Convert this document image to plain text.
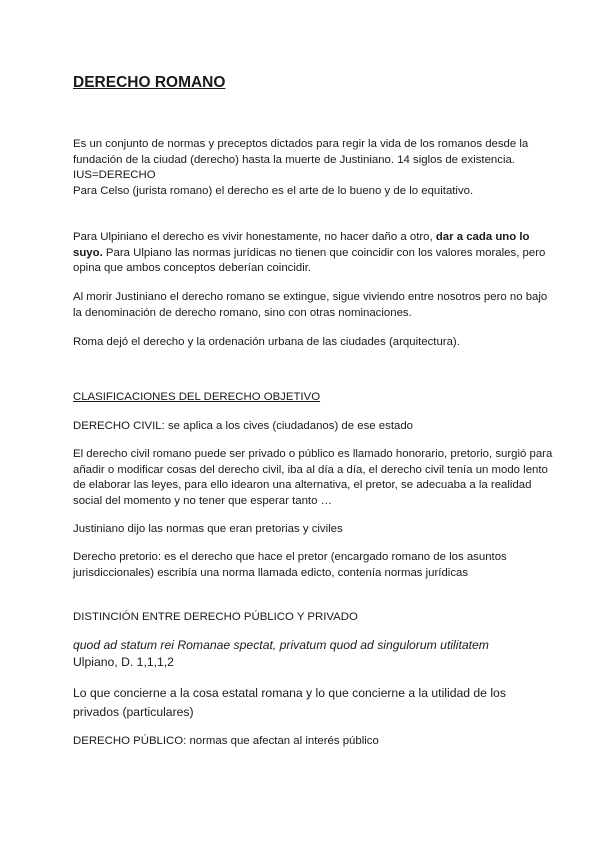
DERECHO ROMANO

Es un conjunto de normas y preceptos dictados para regir la vida de los romanos desde la fundación de la ciudad (derecho) hasta la muerte de Justiniano. 14 siglos de existencia.

IUS=DERECHO

Para Celso (jurista romano) el derecho es el arte de lo bueno y de lo equitativo.

Para Ulpiniano el derecho es vivir honestamente, no hacer daño a otro, dar a cada uno lo suyo. Para Ulpiano las normas jurídicas no tienen que coincidir con los valores morales, pero opina que ambos conceptos deberían coincidir.

Al morir Justiniano el derecho romano se extingue, sigue viviendo entre nosotros pero no bajo la denominación de derecho romano, sino con otras nominaciones.

Roma dejó el derecho y la ordenación urbana de las ciudades (arquitectura).

CLASIFICACIONES DEL DERECHO OBJETIVO

DERECHO CIVIL: se aplica a los cives (ciudadanos) de ese estado

El derecho civil romano puede ser privado o público es llamado honorario, pretorio, surgió para añadir o modificar cosas del derecho civil, iba al día a día, el derecho civil tenía un modo lento de elaborar las leyes, para ello idearon una alternativa, el pretor, se adecuaba a la realidad social del momento y no tener que esperar tanto …

Justiniano dijo las normas que eran pretorias y civiles

Derecho pretorio: es el derecho que hace el pretor (encargado romano de los asuntos jurisdiccionales) escribía una norma llamada edicto, contenía normas jurídicas

DISTINCIÓN ENTRE DERECHO PÚBLICO Y PRIVADO

quod ad statum rei Romanae spectat, privatum quod ad singulorum utilitatem

Ulpiano, D. 1,1,1,2

Lo que concierne a la cosa estatal romana y lo que concierne a la utilidad de los privados (particulares)

DERECHO PÚBLICO: normas que afectan al interés público
